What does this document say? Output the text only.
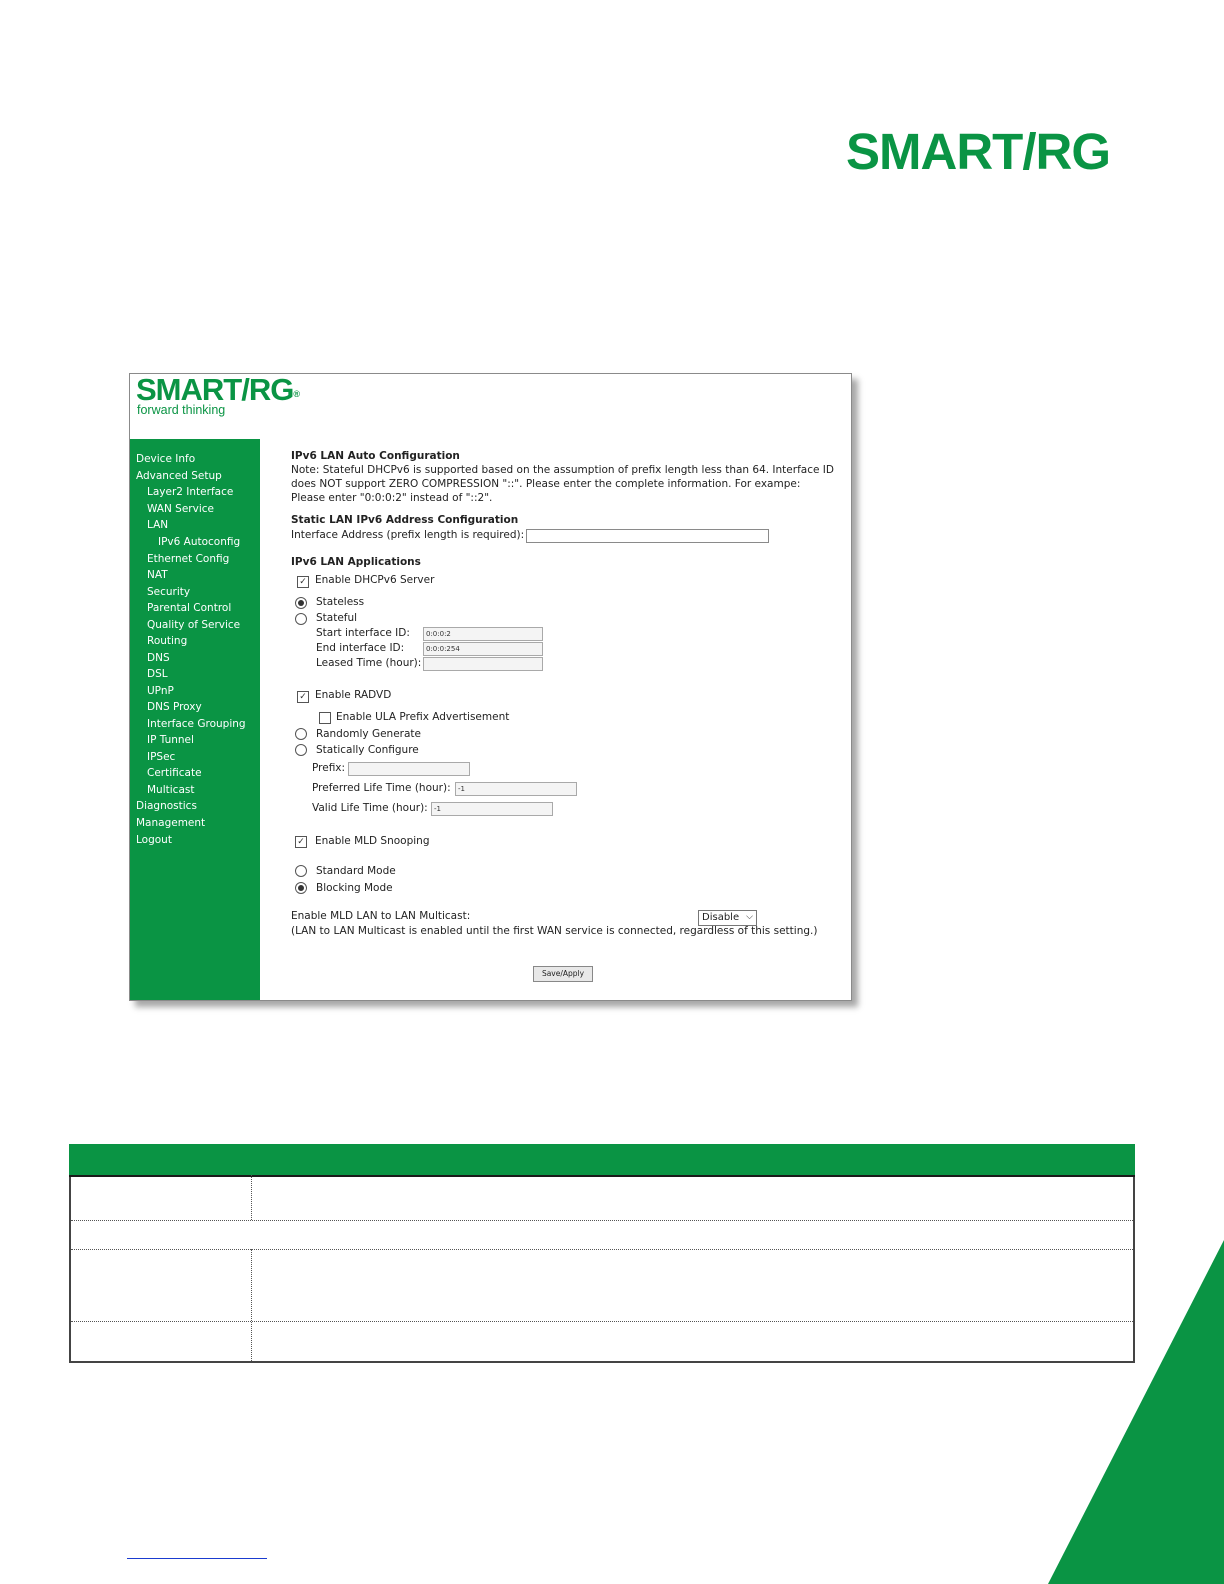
SMART/RG
SMART/RG®
forward thinking
Device Info
Advanced Setup
Layer2 Interface
WAN Service
LAN
IPv6 Autoconfig
Ethernet Config
NAT
Security
Parental Control
Quality of Service
Routing
DNS
DSL
UPnP
DNS Proxy
Interface Grouping
IP Tunnel
IPSec
Certificate
Multicast
Diagnostics
Management
Logout
IPv6 LAN Auto Configuration
Note: Stateful DHCPv6 is supported based on the assumption of prefix length less than 64. Interface ID does NOT support ZERO COMPRESSION "::". Please enter the complete information. For exampe: Please enter "0:0:0:2" instead of "::2".
Static LAN IPv6 Address Configuration
Interface Address (prefix length is required):
IPv6 LAN Applications
✓ Enable DHCPv6 Server
Stateless
Stateful
Start interface ID:	0:0:0:2
End interface ID:	0:0:0:254
Leased Time (hour):
✓ Enable RADVD
Enable ULA Prefix Advertisement
Randomly Generate
Statically Configure
Prefix:
Preferred Life Time (hour):	-1
Valid Life Time (hour): -1
✓ Enable MLD Snooping
Standard Mode
Blocking Mode
Enable MLD LAN to LAN Multicast:	Disable ⌵
(LAN to LAN Multicast is enabled until the first WAN service is connected, regardless of this setting.)
Save/Apply
